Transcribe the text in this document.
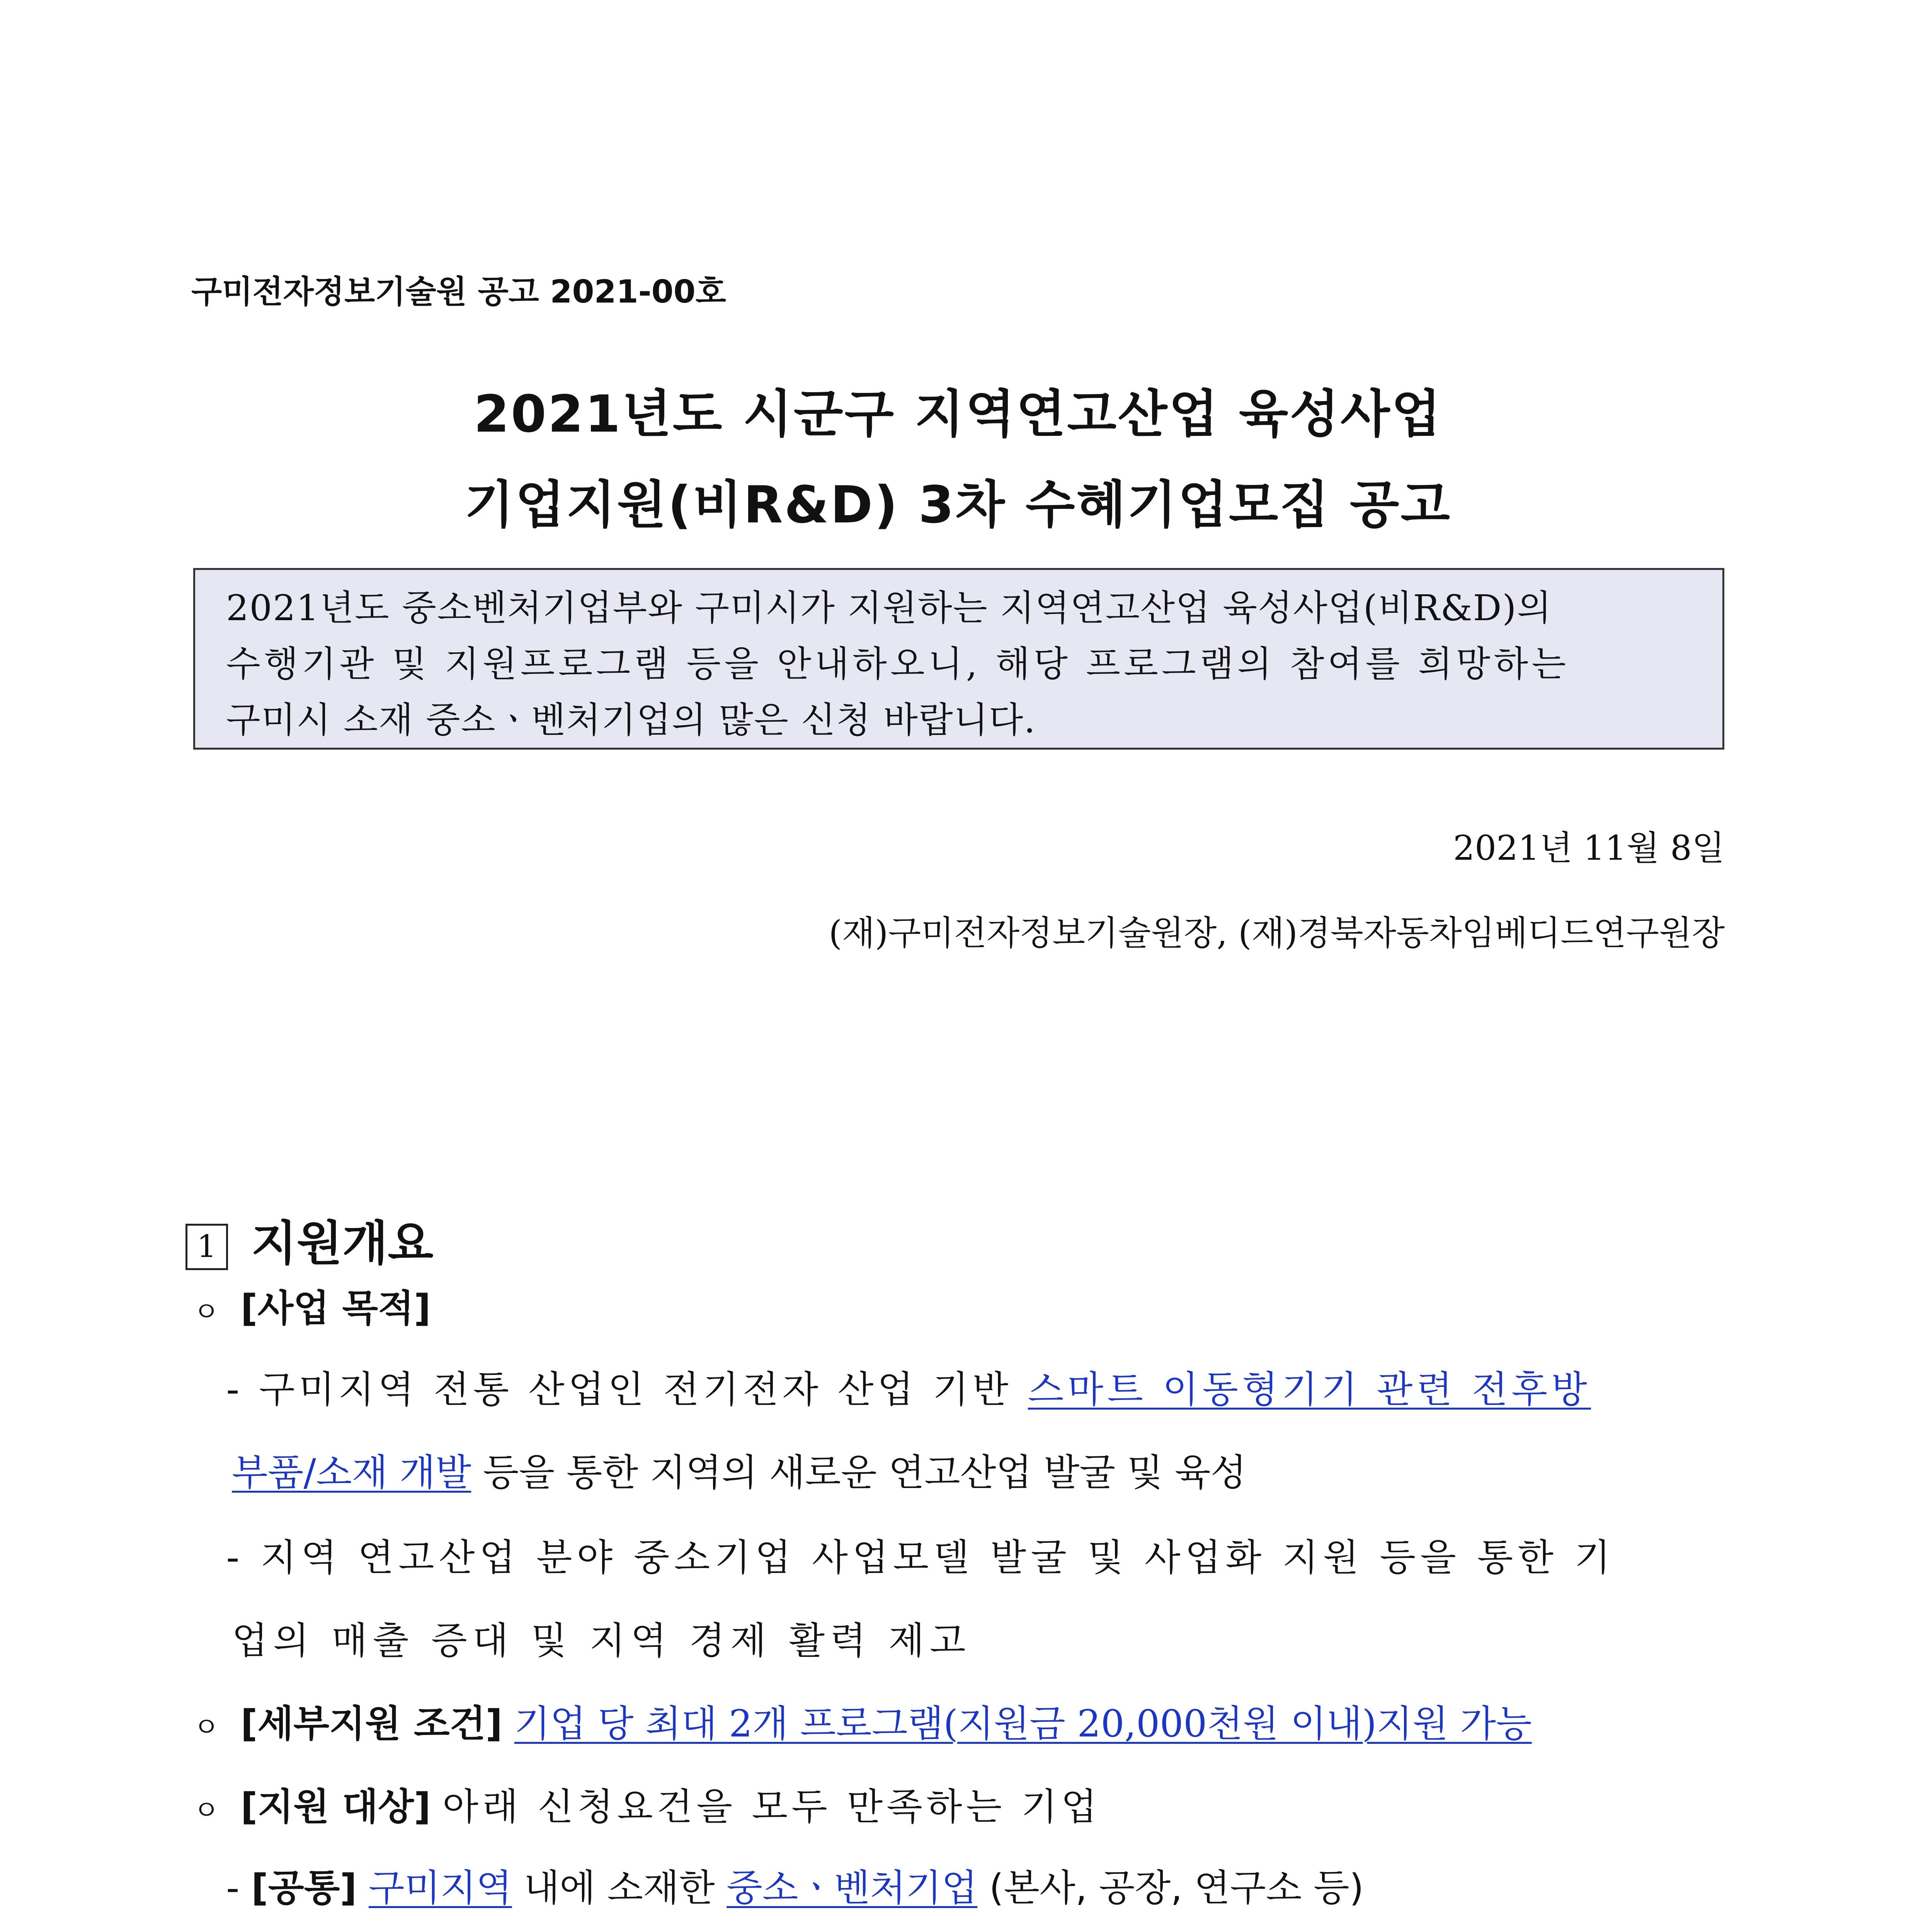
구미전자정보기술원 공고 2021-00호
2021년도 시군구 지역연고산업 육성사업
기업지원(비R&D) 3차 수혜기업모집 공고
2021년도 중소벤처기업부와 구미시가 지원하는 지역연고산업 육성사업(비R&D)의
수행기관 및 지원프로그램 등을 안내하오니, 해당 프로그램의 참여를 희망하는
구미시 소재 중소ㆍ벤처기업의 많은 신청 바랍니다.
2021년 11월 8일
(재)구미전자정보기술원장, (재)경북자동차임베디드연구원장
1 지원개요
ㅇ [사업 목적]
- 구미지역 전통 산업인 전기전자 산업 기반 스마트 이동형기기 관련 전후방
부품/소재 개발 등을 통한 지역의 새로운 연고산업 발굴 및 육성
- 지역 연고산업 분야 중소기업 사업모델 발굴 및 사업화 지원 등을 통한 기
업의 매출 증대 및 지역 경제 활력 제고
ㅇ [세부지원 조건] 기업 당 최대 2개 프로그램(지원금 20,000천원 이내)지원 가능
ㅇ [지원 대상] 아래 신청요건을 모두 만족하는 기업
- [공통] 구미지역 내에 소재한 중소ㆍ벤처기업 (본사, 공장, 연구소 등)
